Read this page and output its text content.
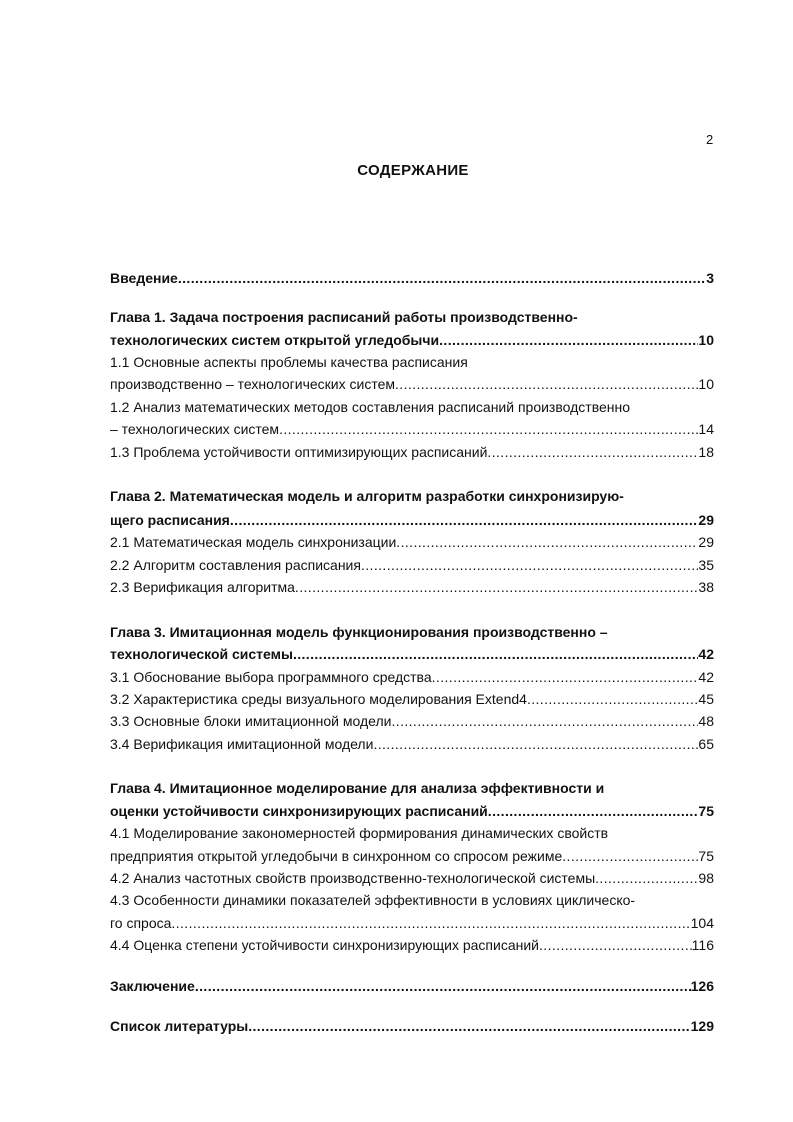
2
СОДЕРЖАНИЕ
Введение .....	3
Глава 1. Задача построения расписаний работы производственно-
технологических систем открытой угледобычи .....	10
1.1 Основные аспекты проблемы качества расписания
производственно – технологических систем .....	10
1.2 Анализ математических методов составления расписаний производственно
– технологических систем .....	14
1.3 Проблема устойчивости оптимизирующих расписаний .....	18
Глава 2. Математическая модель и алгоритм разработки синхронизирую-
щего расписания .....	29
2.1 Математическая модель синхронизации .....	29
2.2 Алгоритм составления расписания .....	35
2.3 Верификация алгоритма .....	38
Глава 3. Имитационная модель функционирования производственно –
технологической системы .....	42
3.1 Обоснование выбора программного средства .....	42
3.2 Характеристика среды визуального моделирования Extend4 .....	45
3.3 Основные блоки имитационной модели .....	48
3.4 Верификация имитационной модели .....	65
Глава 4. Имитационное моделирование для анализа эффективности и
оценки устойчивости синхронизирующих расписаний .....	75
4.1 Моделирование закономерностей формирования динамических свойств
предприятия открытой угледобычи в синхронном со спросом режиме .....	75
4.2 Анализ частотных свойств производственно-технологической системы .....	98
4.3 Особенности динамики показателей эффективности в условиях циклическо-
го спроса .....	104
4.4 Оценка степени устойчивости синхронизирующих расписаний .....	116
Заключение .....	126
Список литературы .....	129
